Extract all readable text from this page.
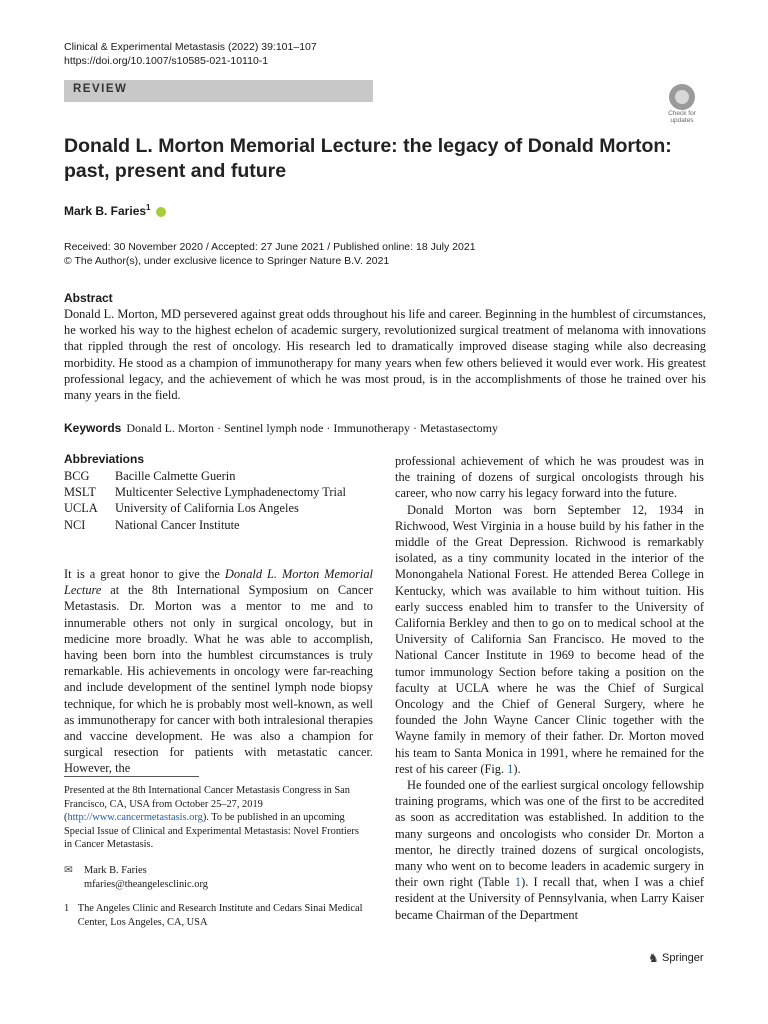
Clinical & Experimental Metastasis (2022) 39:101–107
https://doi.org/10.1007/s10585-021-10110-1
REVIEW
Check for
updates
Donald L. Morton Memorial Lecture: the legacy of Donald Morton: past, present and future
Mark B. Faries$^1$
Received: 30 November 2020 / Accepted: 27 June 2021 / Published online: 18 July 2021
© The Author(s), under exclusive licence to Springer Nature B.V. 2021
Abstract
Donald L. Morton, MD persevered against great odds throughout his life and career. Beginning in the humblest of circumstances, he worked his way to the highest echelon of academic surgery, revolutionized surgical treatment of melanoma with innovations that rippled through the rest of oncology. His research led to dramatically improved disease staging while also decreasing morbidity. He stood as a champion of immunotherapy for many years when few others believed it would ever work. His greatest professional legacy, and the achievement of which he was most proud, is in the accomplishments of those he trained over his many years in the field.
Keywords Donald L. Morton · Sentinel lymph node · Immunotherapy · Metastasectomy
Abbreviations
BCG	Bacille Calmette Guerin
MSLT	Multicenter Selective Lymphadenectomy Trial
UCLA	University of California Los Angeles
NCI	National Cancer Institute
It is a great honor to give the Donald L. Morton Memorial Lecture at the 8th International Symposium on Cancer Metastasis. Dr. Morton was a mentor to me and to innumerable others not only in surgical oncology, but in medicine more broadly. What he was able to accomplish, having been born into the humblest circumstances is truly remarkable. His achievements in oncology were far-reaching and include development of the sentinel lymph node biopsy technique, for which he is probably most well-known, as well as immunotherapy for cancer with both intralesional therapies and vaccine development. He was also a champion for surgical resection for patients with metastatic cancer. However, the
Presented at the 8th International Cancer Metastasis Congress in San Francisco, CA, USA from October 25–27, 2019 (http://www.cancermetastasis.org). To be published in an upcoming Special Issue of Clinical and Experimental Metastasis: Novel Frontiers in Cancer Metastasis.
✉	Mark B. Faries
mfaries@theangelesclinic.org
1 The Angeles Clinic and Research Institute and Cedars Sinai Medical Center, Los Angeles, CA, USA

professional achievement of which he was proudest was in the training of dozens of surgical oncologists through his career, who now carry his legacy forward into the future.

Donald Morton was born September 12, 1934 in Richwood, West Virginia in a house build by his father in the middle of the Great Depression. Richwood is remarkably isolated, as a tiny community located in the interior of the Monongahela National Forest. He attended Berea College in Kentucky, which was available to him without tuition. His early success enabled him to transfer to the University of California Berkley and then to go on to medical school at the University of California San Francisco. He moved to the National Cancer Institute in 1969 to become head of the tumor immunology Section before taking a position on the faculty at UCLA where he was the Chief of Surgical Oncology and the Chief of General Surgery, where he founded the John Wayne Cancer Clinic together with the Wayne family in memory of their father. Dr. Morton moved his team to Santa Monica in 1991, where he remained for the rest of his career (Fig. 1).

He founded one of the earliest surgical oncology fellowship training programs, which was one of the first to be accredited as soon as accreditation was established. In addition to the many surgeons and oncologists who consider Dr. Morton a mentor, he directly trained dozens of surgical oncologists, many who went on to become leaders in academic surgery in their own right (Table 1). I recall that, when I was a chief resident at the University of Pennsylvania, when Larry Kaiser became Chairman of the Department

♞ Springer
